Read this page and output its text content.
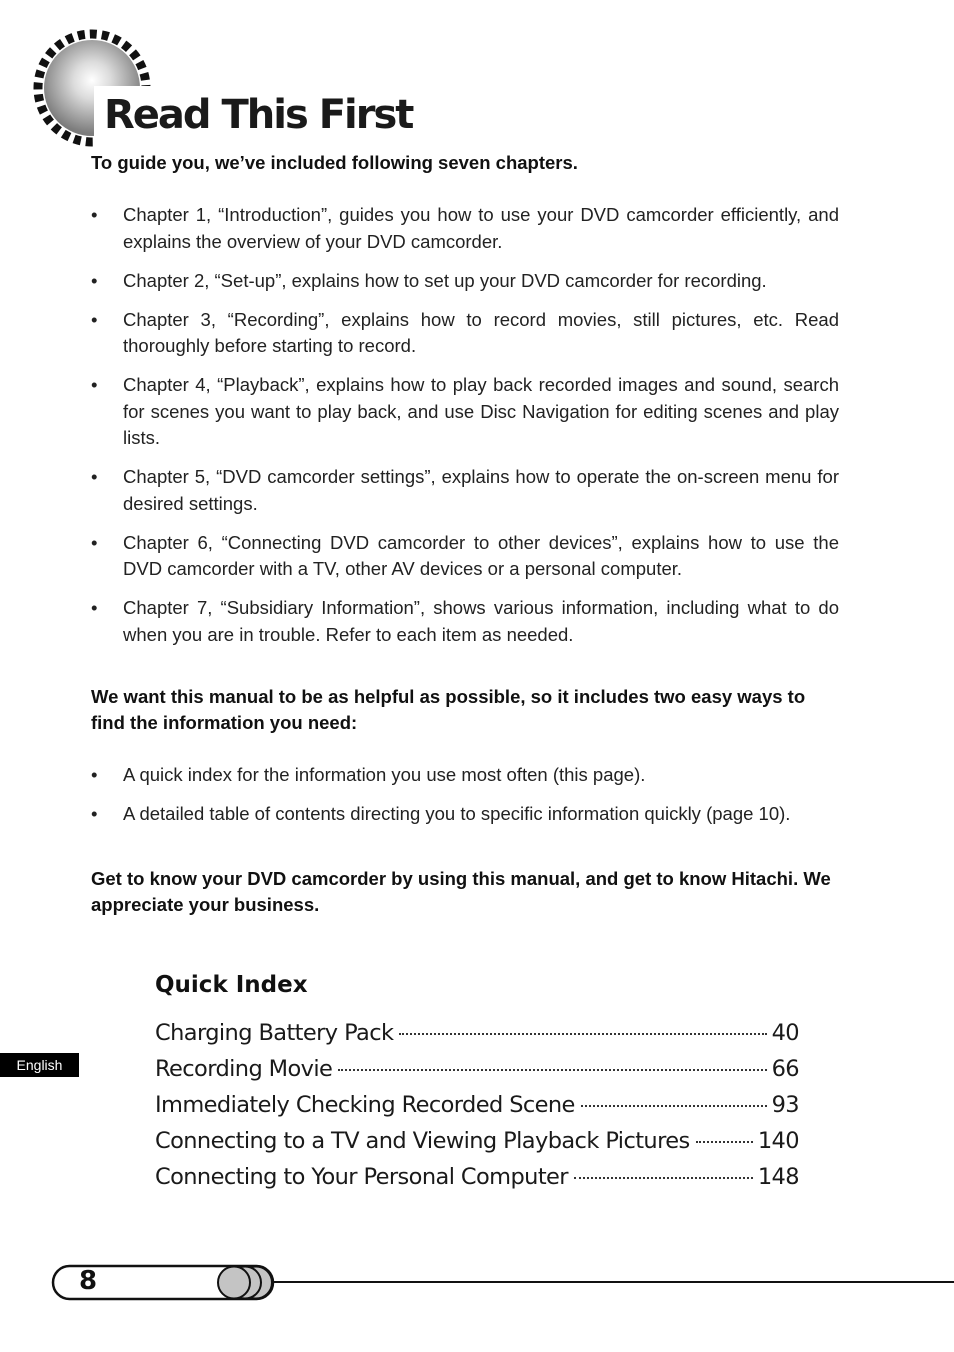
Read This First

To guide you, we’ve included following seven chapters.

• Chapter 1, “Introduction”, guides you how to use your DVD camcorder efficiently, and explains the overview of your DVD camcorder.
• Chapter 2, “Set-up”, explains how to set up your DVD camcorder for recording.
• Chapter 3, “Recording”, explains how to record movies, still pictures, etc. Read thoroughly before starting to record.
• Chapter 4, “Playback”, explains how to play back recorded images and sound, search for scenes you want to play back, and use Disc Navigation for editing scenes and play lists.
• Chapter 5, “DVD camcorder settings”, explains how to operate the on-screen menu for desired settings.
• Chapter 6, “Connecting DVD camcorder to other devices”, explains how to use the DVD camcorder with a TV, other AV devices or a personal computer.
• Chapter 7, “Subsidiary Information”, shows various information, including what to do when you are in trouble. Refer to each item as needed.

We want this manual to be as helpful as possible, so it includes two easy ways to find the information you need:

• A quick index for the information you use most often (this page).
• A detailed table of contents directing you to specific information quickly (page 10).

Get to know your DVD camcorder by using this manual, and get to know Hitachi. We appreciate your business.

Quick Index
Charging Battery Pack	40
Recording Movie	66
Immediately Checking Recorded Scene	93
Connecting to a TV and Viewing Playback Pictures	140
Connecting to Your Personal Computer	148
English
8
